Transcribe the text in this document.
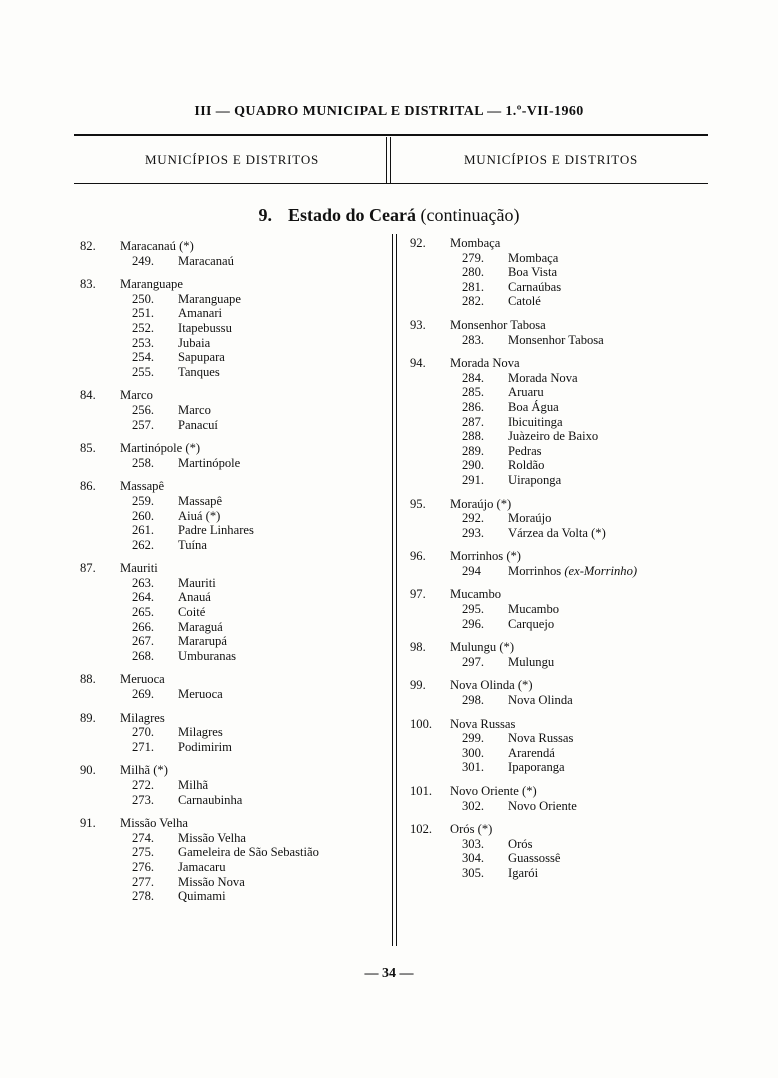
III — QUADRO MUNICIPAL E DISTRITAL — 1.º-VII-1960
MUNICÍPIOS E DISTRITOS	MUNICÍPIOS E DISTRITOS
9. Estado do Ceará (continuação)
82.	Maracanaú (*)
249.	Maracanaú
83.	Maranguape
250.	Maranguape
251.	Amanari
252.	Itapebussu
253.	Jubaia
254.	Sapupara
255.	Tanques
84.	Marco
256.	Marco
257.	Panacuí
85.	Martinópole (*)
258.	Martinópole
86.	Massapê
259.	Massapê
260.	Aiuá (*)
261.	Padre Linhares
262.	Tuína
87.	Mauriti
263.	Mauriti
264.	Anauá
265.	Coité
266.	Maraguá
267.	Mararupá
268.	Umburanas
88.	Meruoca
269.	Meruoca
89.	Milagres
270.	Milagres
271.	Podimirim
90.	Milhã (*)
272.	Milhã
273.	Carnaubinha
91.	Missão Velha
274.	Missão Velha
275.	Gameleira de São Sebastião
276.	Jamacaru
277.	Missão Nova
278.	Quimami
92.	Mombaça
279.	Mombaça
280.	Boa Vista
281.	Carnaúbas
282.	Catolé
93.	Monsenhor Tabosa
283.	Monsenhor Tabosa
94.	Morada Nova
284.	Morada Nova
285.	Aruaru
286.	Boa Água
287.	Ibicuitinga
288.	Juàzeiro de Baixo
289.	Pedras
290.	Roldão
291.	Uiraponga
95.	Moraújo (*)
292.	Moraújo
293.	Várzea da Volta (*)
96.	Morrinhos (*)
294	Morrinhos (ex-Morrinho)
97.	Mucambo
295.	Mucambo
296.	Carquejo
98.	Mulungu (*)
297.	Mulungu
99.	Nova Olinda (*)
298.	Nova Olinda
100.	Nova Russas
299.	Nova Russas
300.	Ararendá
301.	Ipaporanga
101.	Novo Oriente (*)
302.	Novo Oriente
102.	Orós (*)
303.	Orós
304.	Guassossê
305.	Igarói
— 34 —
